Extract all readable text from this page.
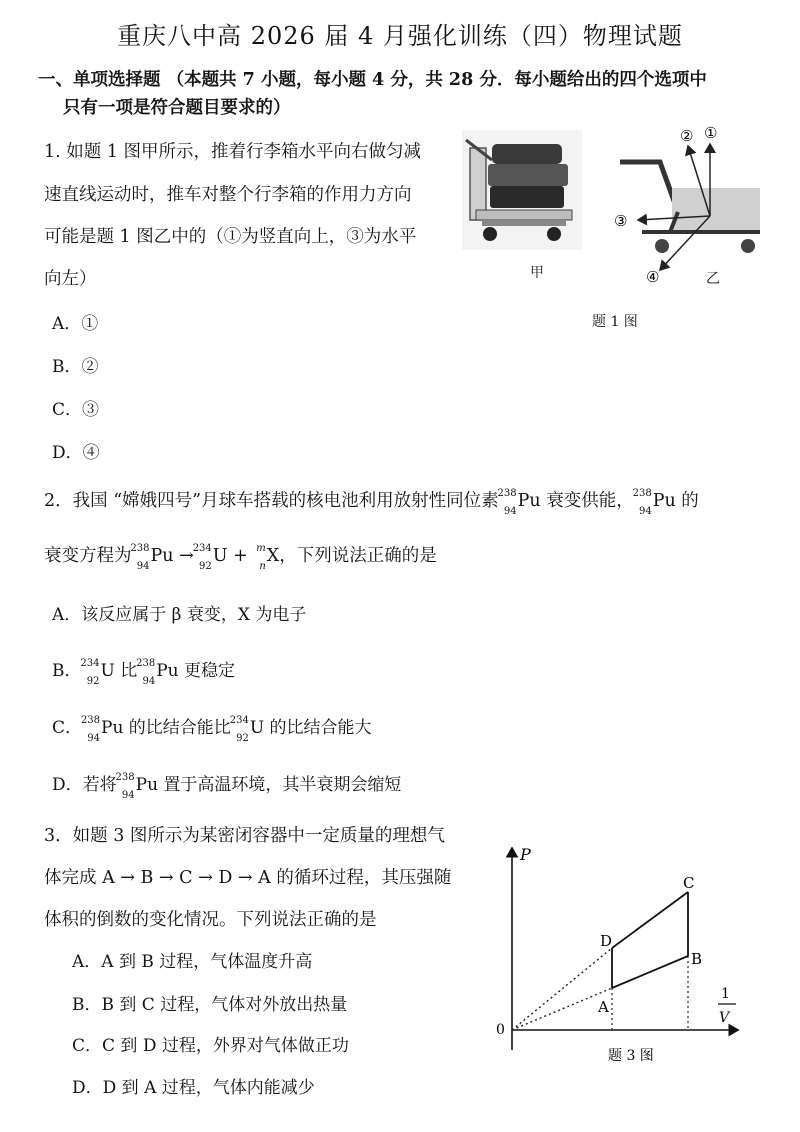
重庆八中高 2026 届 4 月强化训练（四）物理试题
一、单项选择题 （本题共 7 小题，每小题 4 分，共 28 分．每小题给出的四个选项中
只有一项是符合题目要求的）
1. 如题 1 图甲所示，推着行李箱水平向右做匀减
速直线运动时，推车对整个行李箱的作用力方向
可能是题 1 图乙中的（①为竖直向上，③为水平
向左）
A．①
B．②
C．③
D．④
甲
② ①
③
④	乙
题 1 图
2．我国 “嫦娥四号”月球车搭载的核电池利用放射性同位素
238
94
Pu 衰变供能，
238
94
Pu 的
衰变方程为
238
94
Pu →
234
92
U + m
n
X，下列说法正确的是
A．该反应属于 β 衰变，X 为电子
B．
234
92
U 比
238
94
Pu 更稳定
C．
238
94
Pu 的比结合能比
234
92
U 的比结合能大
D．若将
238
94
Pu 置于高温环境，其半衰期会缩短
3．如题 3 图所示为某密闭容器中一定质量的理想气
体完成 A → B → C → D → A 的循环过程，其压强随
体积的倒数的变化情况。下列说法正确的是
A．A 到 B 过程，气体温度升高
B．B 到 C 过程，气体对外放出热量
C．C 到 D 过程，外界对气体做正功
D．D 到 A 过程，气体内能减少
P
1
V
0
A
B
C
D
题 3 图
